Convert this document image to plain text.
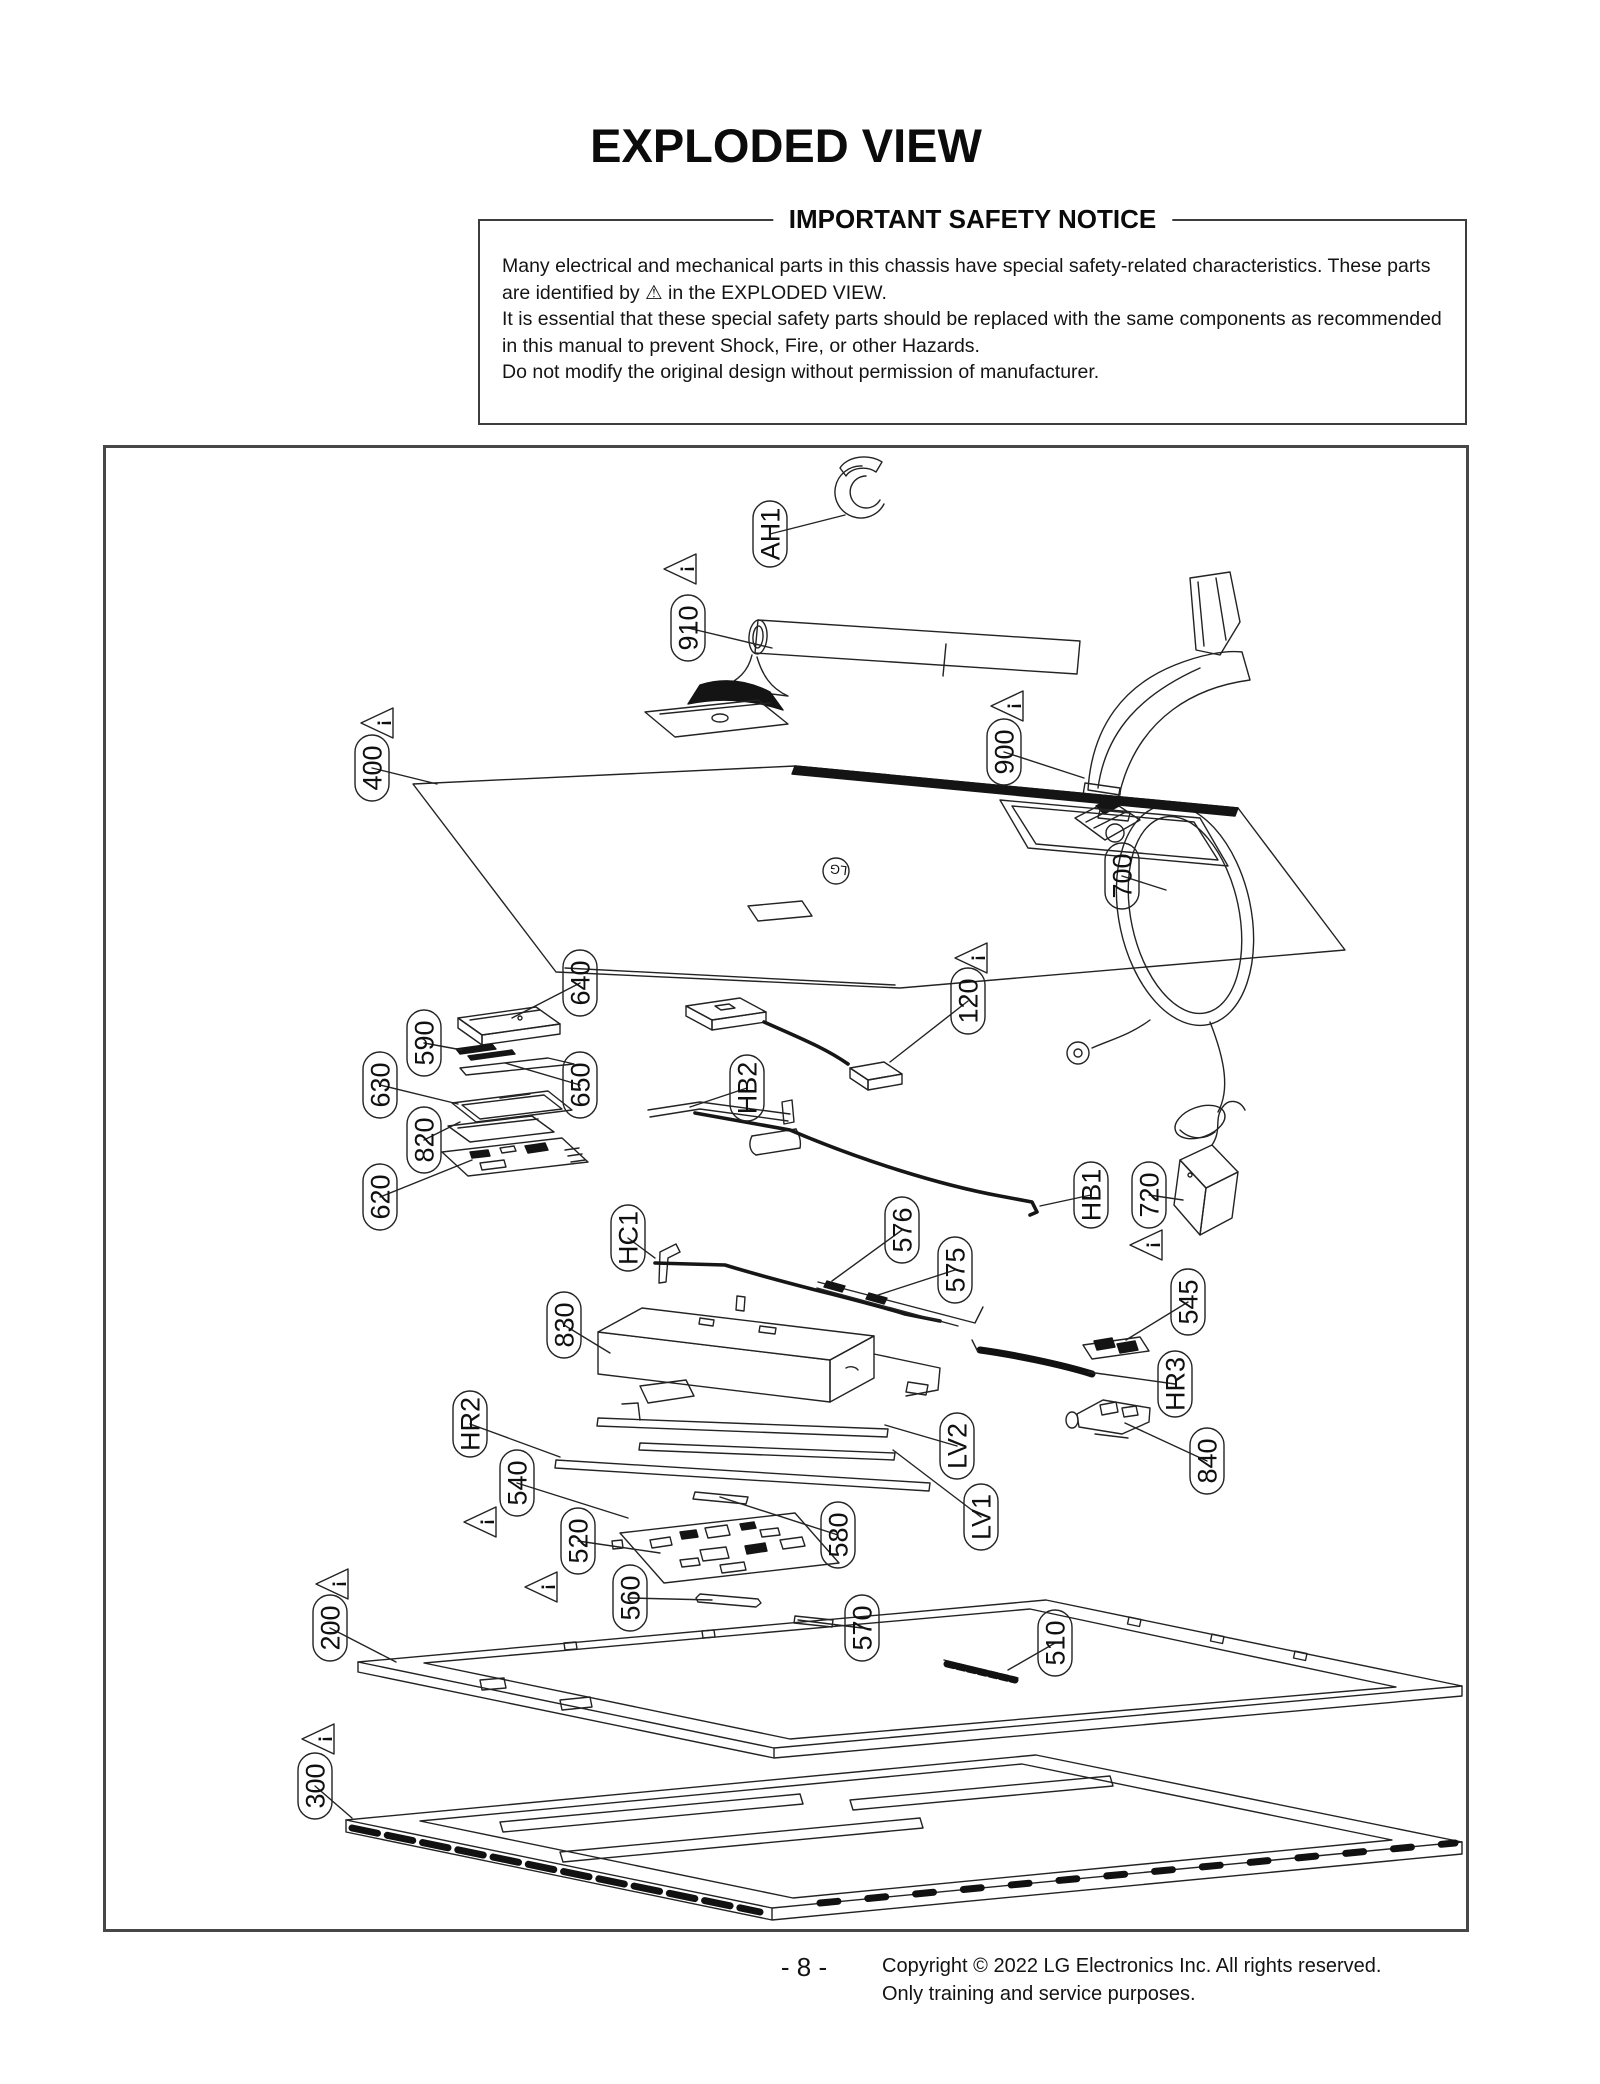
EXPLODED VIEW
IMPORTANT SAFETY NOTICE
Many electrical and mechanical parts in this chassis have special safety-related characteristics. These parts
are identified by ⚠ in the EXPLODED VIEW.
It is essential that these special safety parts should be replaced with the same components as recommended
in this manual to prevent Shock, Fire, or other Hazards.
Do not modify the original design without permission of manufacturer.
LG
AH1
910
!
400
!
900
!
700
640	120
!
590
630	650
820
620
HB2
HB1 720
!
HC1	576
575
545
830
HR3
HR2	LV2	840
540
!	LV1
580
520
! 560
570	510
200
!
300
!
- 8 -	Copyright © 2022 LG Electronics Inc. All rights reserved.
Only training and service purposes.
